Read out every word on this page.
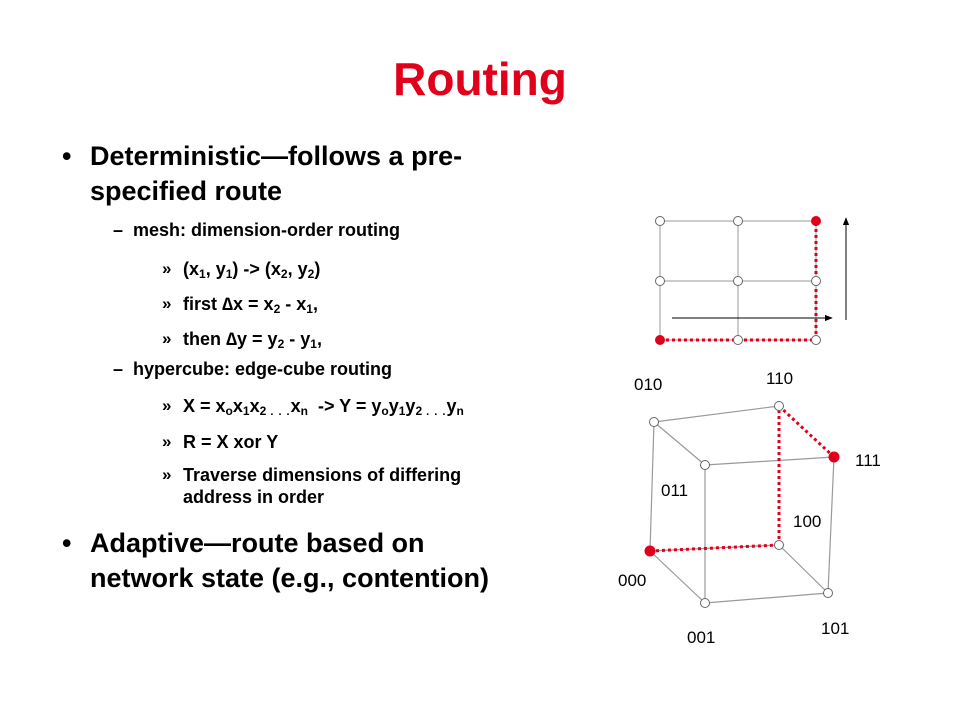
Routing
• Deterministic—follows a pre-
specified route
– mesh: dimension-order routing
» ($x_1$, $y_1) -> (x_2$, $y_2$)
» first $\Delta x = x_2 - x_1$,
» then $\Delta y = y_2 - y_1$,
– hypercube: edge-cube routing
» $X = x_ox_1x_2$ . . $.x_n -> Y = y_oy_1y_2$ . . $.y_n$
» R = X xor Y
» Traverse dimensions of differing
address in order
• Adaptive—route based on
network state (e.g., contention)
010	110
111
011
100
000
001	101
